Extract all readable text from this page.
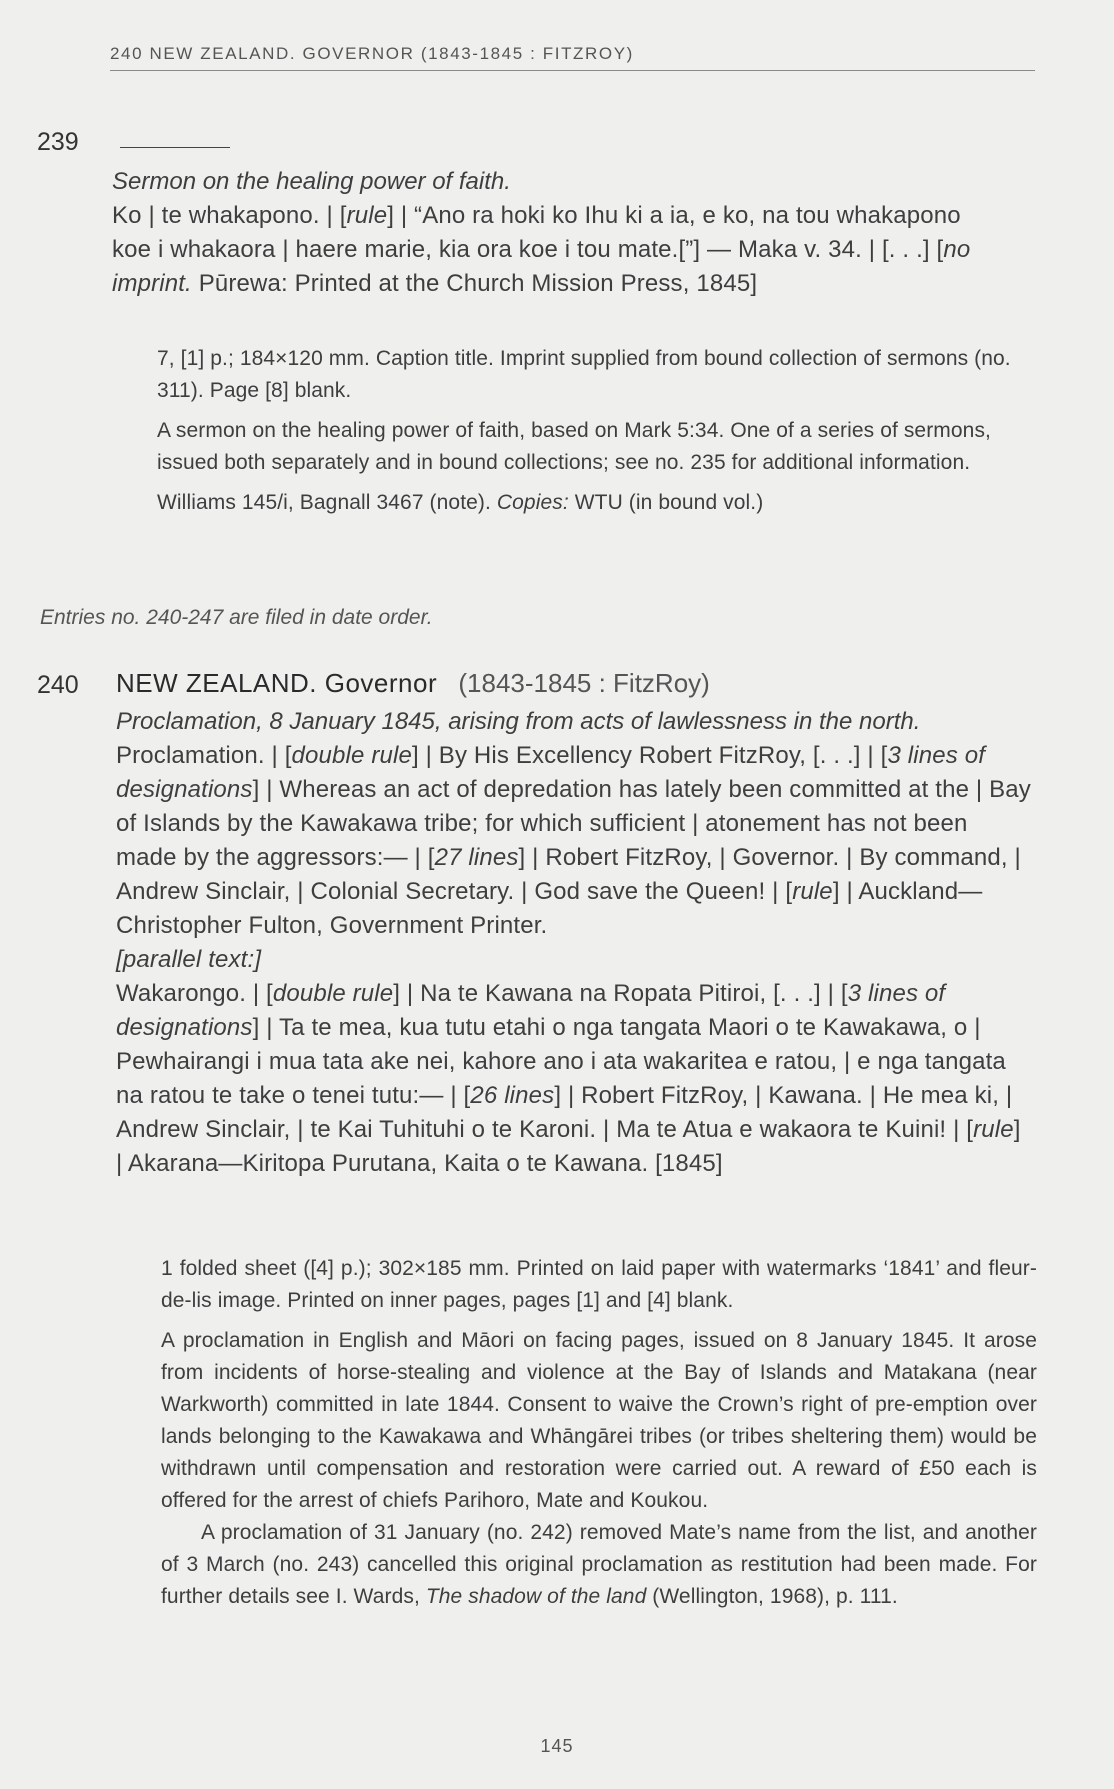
240 NEW ZEALAND. GOVERNOR (1843-1845 : FITZROY)
239

Sermon on the healing power of faith.

Ko | te whakapono. | [rule] | “Ano ra hoki ko Ihu ki a ia, e ko, na tou whakapono koe i whakaora | haere marie, kia ora koe i tou mate.[”] — Maka v. 34. | [. . .] [no imprint. Pūrewa: Printed at the Church Mission Press, 1845]

7, [1] p.; 184×120 mm. Caption title. Imprint supplied from bound collection of sermons (no. 311). Page [8] blank.

A sermon on the healing power of faith, based on Mark 5:34. One of a series of sermons, issued both separately and in bound collections; see no. 235 for additional information.

Williams 145/i, Bagnall 3467 (note). Copies: WTU (in bound vol.)

Entries no. 240-247 are filed in date order.
240 NEW ZEALAND. Governor (1843-1845 : FitzRoy)

Proclamation, 8 January 1845, arising from acts of lawlessness in the north.

Proclamation. | [double rule] | By His Excellency Robert FitzRoy, [. . .] | [3 lines of designations] | Whereas an act of depredation has lately been committed at the | Bay of Islands by the Kawakawa tribe; for which sufficient | atonement has not been made by the aggressors:— | [27 lines] | Robert FitzRoy, | Governor. | By command, | Andrew Sinclair, | Colonial Secretary. | God save the Queen! | [rule] | Auckland—Christopher Fulton, Government Printer.

[parallel text:]

Wakarongo. | [double rule] | Na te Kawana na Ropata Pitiroi, [. . .] | [3 lines of designations] | Ta te mea, kua tutu etahi o nga tangata Maori o te Kawakawa, o | Pewhairangi i mua tata ake nei, kahore ano i ata wakaritea e ratou, | e nga tangata na ratou te take o tenei tutu:— | [26 lines] | Robert FitzRoy, | Kawana. | He mea ki, | Andrew Sinclair, | te Kai Tuhituhi o te Karoni. | Ma te Atua e wakaora te Kuini! | [rule] | Akarana—Kiritopa Purutana, Kaita o te Kawana. [1845]

1 folded sheet ([4] p.); 302×185 mm. Printed on laid paper with watermarks ‘1841’ and fleur-de-lis image. Printed on inner pages, pages [1] and [4] blank.

A proclamation in English and Māori on facing pages, issued on 8 January 1845. It arose from incidents of horse-stealing and violence at the Bay of Islands and Matakana (near Warkworth) committed in late 1844. Consent to waive the Crown’s right of pre-emption over lands belonging to the Kawakawa and Whāngārei tribes (or tribes sheltering them) would be withdrawn until compensation and restoration were carried out. A reward of £50 each is offered for the arrest of chiefs Parihoro, Mate and Koukou.

A proclamation of 31 January (no. 242) removed Mate’s name from the list, and another of 3 March (no. 243) cancelled this original proclamation as restitution had been made. For further details see I. Wards, The shadow of the land (Wellington, 1968), p. 111.

145
